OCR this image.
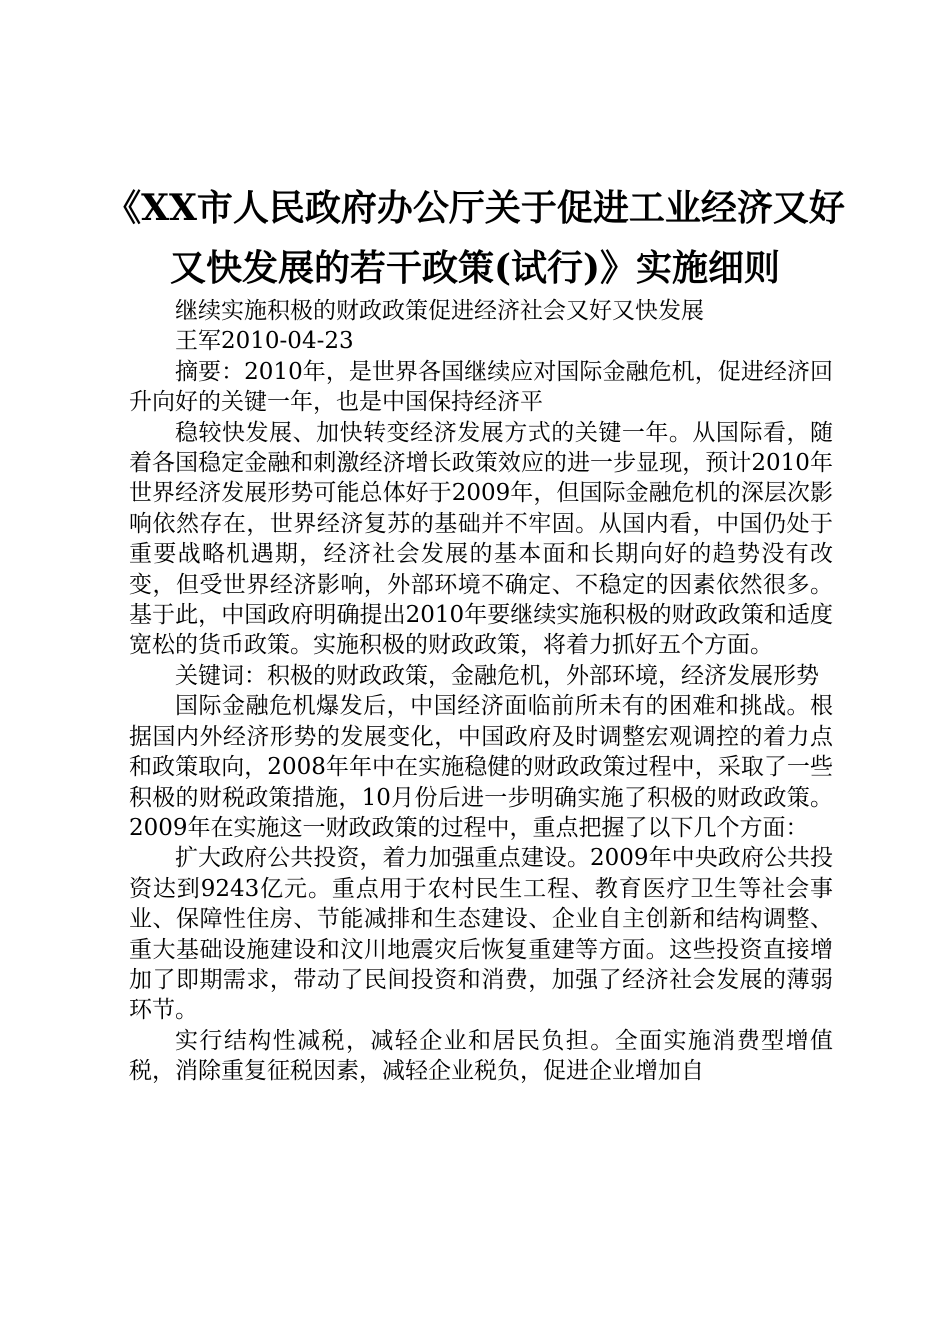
《XX市人民政府办公厅关于促进工业经济又好又快发展的若干政策(试行)》实施细则

继续实施积极的财政政策促进经济社会又好又快发展

王军2010-04-23

摘要：2010年，是世界各国继续应对国际金融危机，促进经济回升向好的关键一年，也是中国保持经济平

稳较快发展、加快转变经济发展方式的关键一年。从国际看，随着各国稳定金融和刺激经济增长政策效应的进一步显现，预计2010年世界经济发展形势可能总体好于2009年，但国际金融危机的深层次影响依然存在，世界经济复苏的基础并不牢固。从国内看，中国仍处于重要战略机遇期，经济社会发展的基本面和长期向好的趋势没有改变，但受世界经济影响，外部环境不确定、不稳定的因素依然很多。基于此，中国政府明确提出2010年要继续实施积极的财政政策和适度宽松的货币政策。实施积极的财政政策，将着力抓好五个方面。

关键词：积极的财政政策，金融危机，外部环境，经济发展形势

国际金融危机爆发后，中国经济面临前所未有的困难和挑战。根据国内外经济形势的发展变化，中国政府及时调整宏观调控的着力点和政策取向，2008年年中在实施稳健的财政政策过程中，采取了一些积极的财税政策措施，10月份后进一步明确实施了积极的财政政策。2009年在实施这一财政政策的过程中，重点把握了以下几个方面：

扩大政府公共投资，着力加强重点建设。2009年中央政府公共投资达到9243亿元。重点用于农村民生工程、教育医疗卫生等社会事业、保障性住房、节能减排和生态建设、企业自主创新和结构调整、重大基础设施建设和汶川地震灾后恢复重建等方面。这些投资直接增加了即期需求，带动了民间投资和消费，加强了经济社会发展的薄弱环节。

实行结构性减税，减轻企业和居民负担。全面实施消费型增值税，消除重复征税因素，减轻企业税负，促进企业增加自
